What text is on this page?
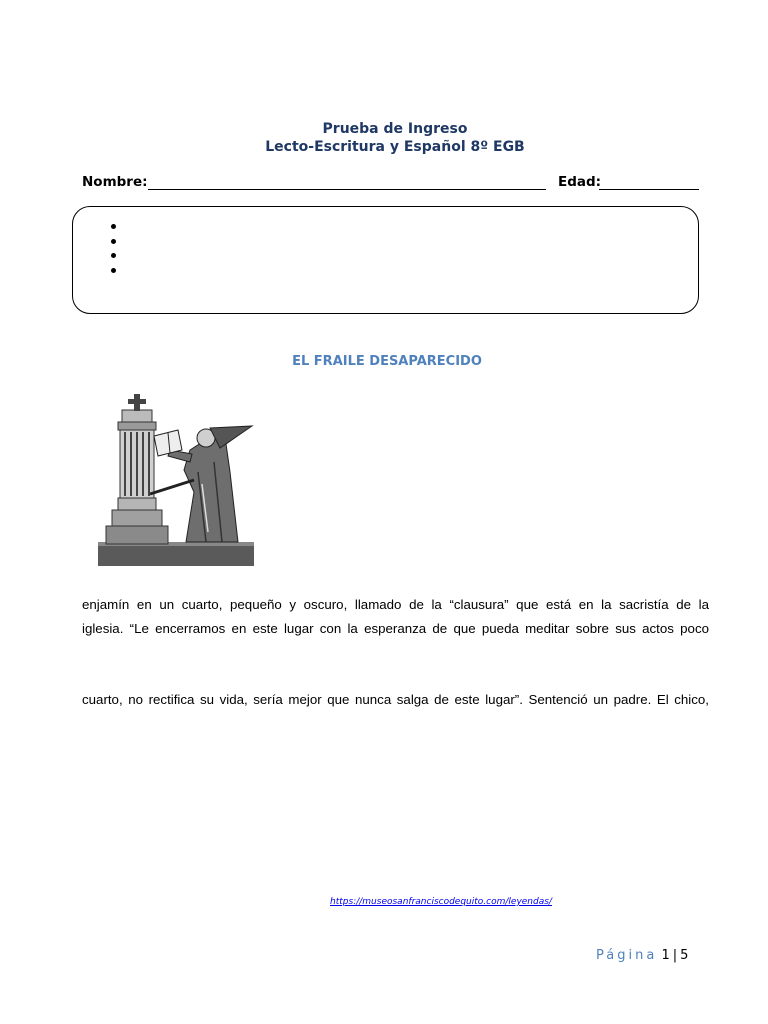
Prueba de Ingreso
Lecto-Escritura y Español 8º EGB
Nombre:	Edad:
EL FRAILE DESAPARECIDO
enjamín en un cuarto, pequeño y oscuro, llamado de la “clausura” que está en la sacristía de la
iglesia. “Le encerramos en este lugar con la esperanza de que pueda meditar sobre sus actos poco
cuarto, no rectifica su vida, sería mejor que nunca salga de este lugar”. Sentenció un padre. El chico,
https://museosanfranciscodequito.com/leyendas/
Página 1 | 5
